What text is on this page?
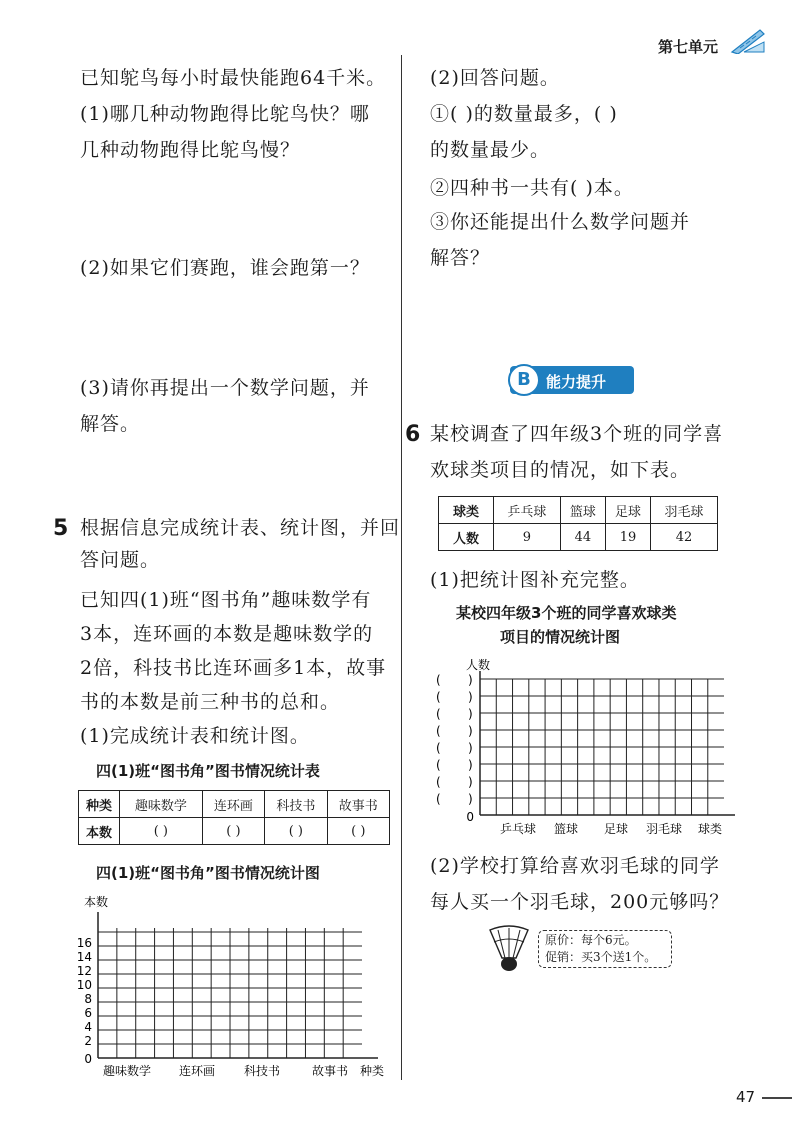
第七单元
已知鸵鸟每小时最快能跑64千米。
(1)哪几种动物跑得比鸵鸟快？哪
几种动物跑得比鸵鸟慢？
(2)如果它们赛跑，谁会跑第一？
(3)请你再提出一个数学问题，并
解答。
5 根据信息完成统计表、统计图，并回
答问题。
已知四(1)班“图书角”趣味数学有
3本，连环画的本数是趣味数学的
2倍，科技书比连环画多1本，故事
书的本数是前三种书的总和。
(1)完成统计表和统计图。
四(1)班“图书角”图书情况统计表
种类	趣味数学	连环画	科技书	故事书
本数	( )	( )	( )	( )
四(1)班“图书角”图书情况统计图
本数
16
14
12
10
8
6
4
2
0
趣味数学 连环画 科技书	故事书 种类
(2)回答问题。
①( )的数量最多，( )
的数量最少。
②四种书一共有( )本。
③你还能提出什么数学问题并
解答？
B	能力提升
6 某校调查了四年级3个班的同学喜
欢球类项目的情况，如下表。
球类	乒乓球	篮球	足球	羽毛球
人数	9	44	19	42
(1)把统计图补充完整。
某校四年级3个班的同学喜欢球类
项目的情况统计图
( )
( )
( )
( )
( )
( )
( )
( )
人数
0
乒乓球 篮球 足球 羽毛球 球类
(2)学校打算给喜欢羽毛球的同学
每人买一个羽毛球，200元够吗？
原价：每个6元。
促销：买3个送1个。
47
